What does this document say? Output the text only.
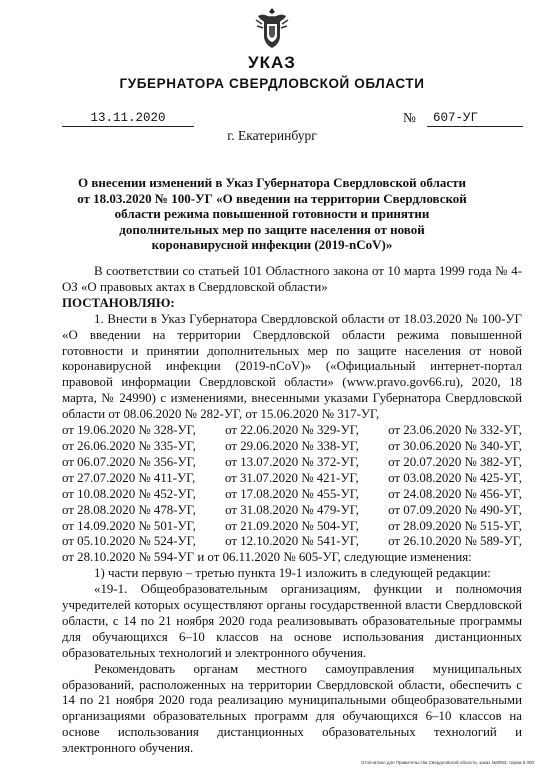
УКАЗ
ГУБЕРНАТОРА СВЕРДЛОВСКОЙ ОБЛАСТИ
13.11.2020	№	607-УГ
г. Екатеринбург
О внесении изменений в Указ Губернатора Свердловской области от 18.03.2020 № 100-УГ «О введении на территории Свердловской области режима повышенной готовности и принятии дополнительных мер по защите населения от новой коронавирусной инфекции (2019-nCoV)»

В соответствии со статьей 101 Областного закона от 10 марта 1999 года № 4-ОЗ «О правовых актах в Свердловской области»

ПОСТАНОВЛЯЮ:

1. Внести в Указ Губернатора Свердловской области от 18.03.2020 № 100-УГ «О введении на территории Свердловской области режима повышенной готовности и принятии дополнительных мер по защите населения от новой коронавирусной инфекции (2019-nCoV)» («Официальный интернет-портал правовой информации Свердловской области» (www.pravo.gov66.ru), 2020, 18 марта, № 24990) с изменениями, внесенными указами Губернатора Свердловской области от 08.06.2020 № 282-УГ, от 15.06.2020 № 317-УГ,

от 19.06.2020 № 328-УГ, от 22.06.2020 № 329-УГ, от 23.06.2020 № 332-УГ,
от 26.06.2020 № 335-УГ, от 29.06.2020 № 338-УГ, от 30.06.2020 № 340-УГ,
от 06.07.2020 № 356-УГ, от 13.07.2020 № 372-УГ, от 20.07.2020 № 382-УГ,
от 27.07.2020 № 411-УГ, от 31.07.2020 № 421-УГ, от 03.08.2020 № 425-УГ,
от 10.08.2020 № 452-УГ, от 17.08.2020 № 455-УГ, от 24.08.2020 № 456-УГ,
от 28.08.2020 № 478-УГ, от 31.08.2020 № 479-УГ, от 07.09.2020 № 490-УГ,
от 14.09.2020 № 501-УГ, от 21.09.2020 № 504-УГ, от 28.09.2020 № 515-УГ,
от 05.10.2020 № 524-УГ, от 12.10.2020 № 541-УГ, от 26.10.2020 № 589-УГ,

от 28.10.2020 № 594-УГ и от 06.11.2020 № 605-УГ, следующие изменения:

1) части первую – третью пункта 19-1 изложить в следующей редакции:

«19-1. Общеобразовательным организациям, функции и полномочия учредителей которых осуществляют органы государственной власти Свердловской области, с 14 по 21 ноября 2020 года реализовывать образовательные программы для обучающихся 6–10 классов на основе использования дистанционных образовательных технологий и электронного обучения.

Рекомендовать органам местного самоуправления муниципальных образований, расположенных на территории Свердловской области, обеспечить с 14 по 21 ноября 2020 года реализацию муниципальными общеобразовательными организациями образовательных программ для обучающихся 6–10 классов на основе использования дистанционных образовательных технологий и электронного обучения.

Отпечатано для Правительства Свердловской области, заказ №8093, тираж 6 000
